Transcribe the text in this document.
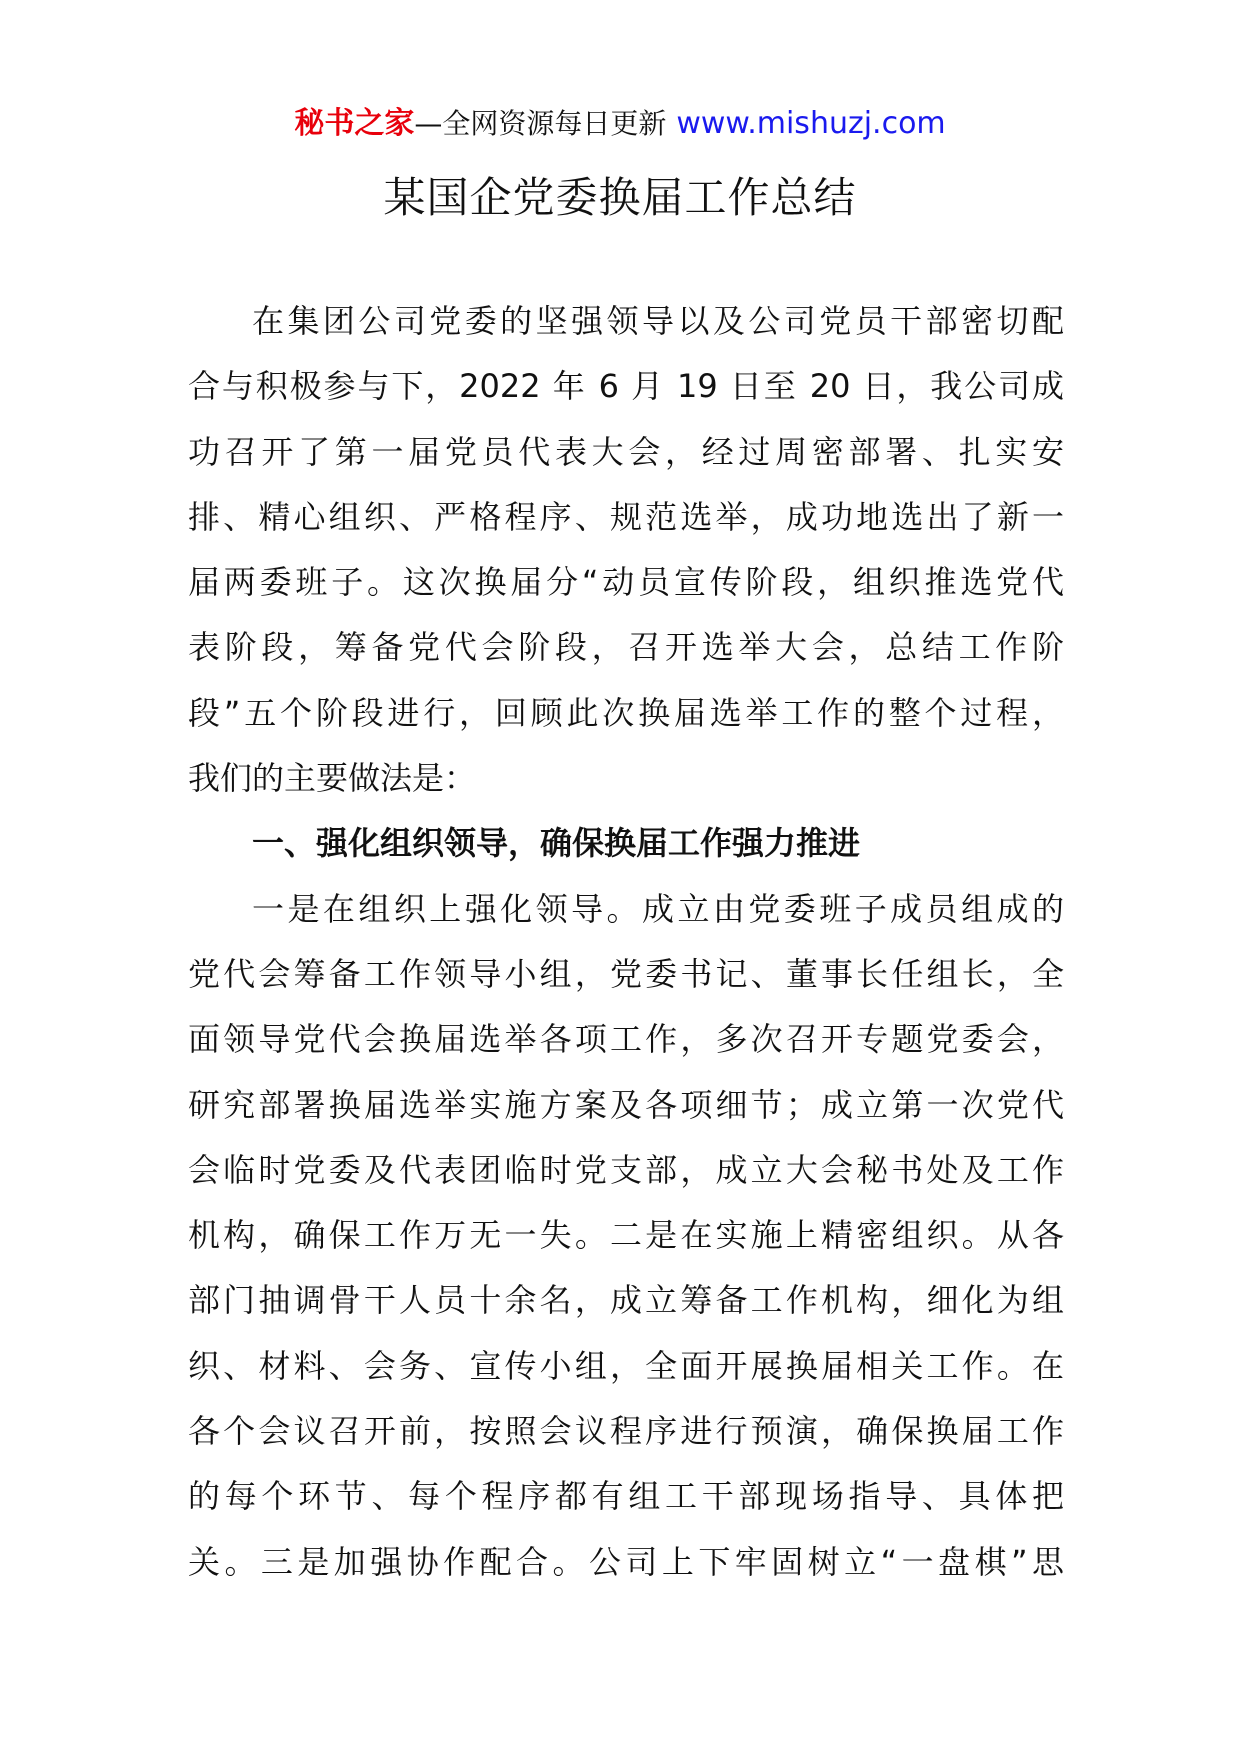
秘书之家—全网资源每日更新 www.mishuzj.com
某国企党委换届工作总结
在集团公司党委的坚强领导以及公司党员干部密切配
合与积极参与下，2022 年 6 月 19 日至 20 日，我公司成
功召开了第一届党员代表大会，经过周密部署、扎实安
排、精心组织、严格程序、规范选举，成功地选出了新一
届两委班子。这次换届分“动员宣传阶段，组织推选党代
表阶段，筹备党代会阶段，召开选举大会，总结工作阶
段”五个阶段进行，回顾此次换届选举工作的整个过程，
我们的主要做法是：
一、强化组织领导，确保换届工作强力推进
一是在组织上强化领导。成立由党委班子成员组成的
党代会筹备工作领导小组，党委书记、董事长任组长，全
面领导党代会换届选举各项工作，多次召开专题党委会，
研究部署换届选举实施方案及各项细节；成立第一次党代
会临时党委及代表团临时党支部，成立大会秘书处及工作
机构，确保工作万无一失。二是在实施上精密组织。从各
部门抽调骨干人员十余名，成立筹备工作机构，细化为组
织、材料、会务、宣传小组，全面开展换届相关工作。在
各个会议召开前，按照会议程序进行预演，确保换届工作
的每个环节、每个程序都有组工干部现场指导、具体把
关。三是加强协作配合。公司上下牢固树立“一盘棋”思
